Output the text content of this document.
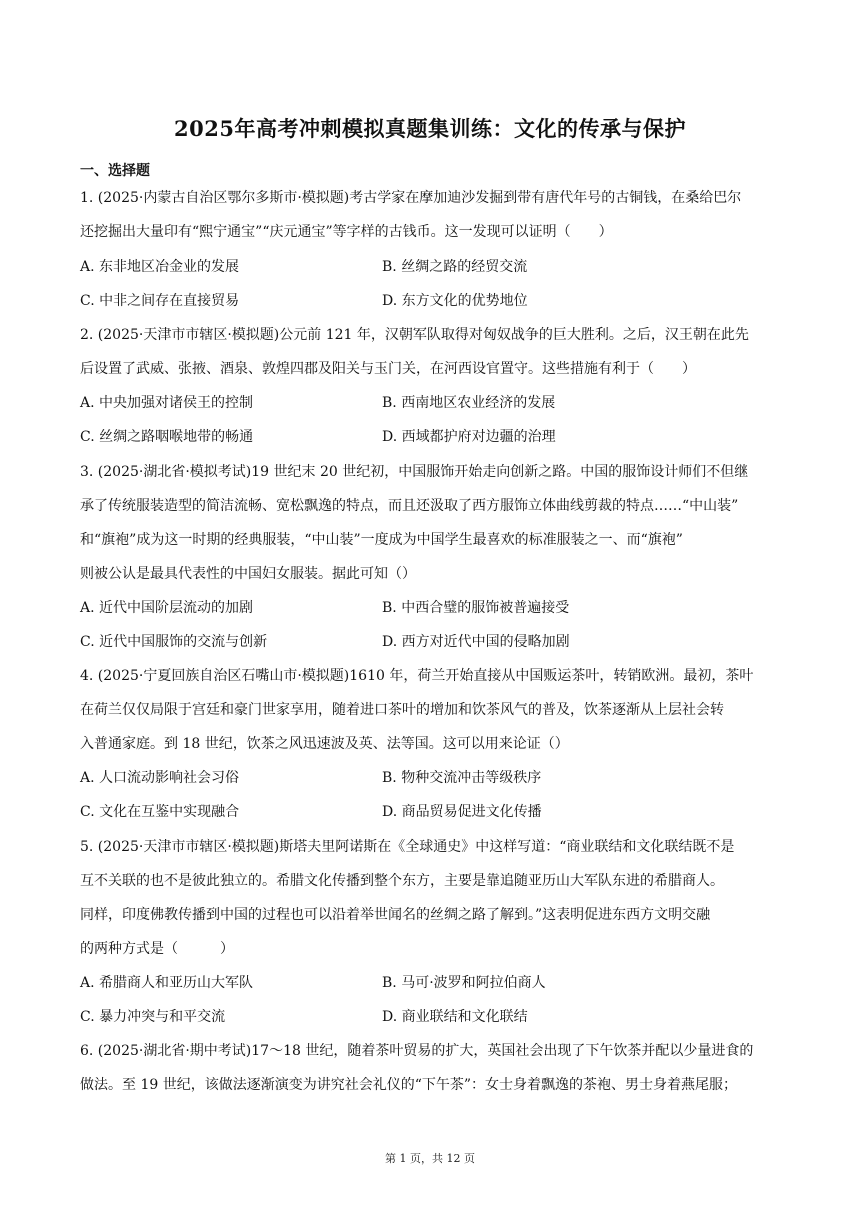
2025年高考冲刺模拟真题集训练：文化的传承与保护
一、选择题
1. (2025·内蒙古自治区鄂尔多斯市·模拟题)考古学家在摩加迪沙发掘到带有唐代年号的古铜钱，在桑给巴尔
还挖掘出大量印有“熙宁通宝”“庆元通宝”等字样的古钱币。这一发现可以证明（　　）
A. 东非地区冶金业的发展	B. 丝绸之路的经贸交流
C. 中非之间存在直接贸易	D. 东方文化的优势地位
2. (2025·天津市市辖区·模拟题)公元前 121 年，汉朝军队取得对匈奴战争的巨大胜利。之后，汉王朝在此先
后设置了武威、张掖、酒泉、敦煌四郡及阳关与玉门关，在河西设官置守。这些措施有利于（　　）
A. 中央加强对诸侯王的控制	B. 西南地区农业经济的发展
C. 丝绸之路咽喉地带的畅通	D. 西域都护府对边疆的治理
3. (2025·湖北省·模拟考试)19 世纪末 20 世纪初，中国服饰开始走向创新之路。中国的服饰设计师们不但继
承了传统服装造型的简洁流畅、宽松飘逸的特点，而且还汲取了西方服饰立体曲线剪裁的特点……“中山装”
和“旗袍”成为这一时期的经典服装，“中山装”一度成为中国学生最喜欢的标准服装之一、而“旗袍”
则被公认是最具代表性的中国妇女服装。据此可知（）
A. 近代中国阶层流动的加剧	B. 中西合璧的服饰被普遍接受
C. 近代中国服饰的交流与创新	D. 西方对近代中国的侵略加剧
4. (2025·宁夏回族自治区石嘴山市·模拟题)1610 年，荷兰开始直接从中国贩运茶叶，转销欧洲。最初，茶叶
在荷兰仅仅局限于宫廷和豪门世家享用，随着进口茶叶的增加和饮茶风气的普及，饮茶逐渐从上层社会转
入普通家庭。到 18 世纪，饮茶之风迅速波及英、法等国。这可以用来论证（）
A. 人口流动影响社会习俗	B. 物种交流冲击等级秩序
C. 文化在互鉴中实现融合	D. 商品贸易促进文化传播
5. (2025·天津市市辖区·模拟题)斯塔夫里阿诺斯在《全球通史》中这样写道：“商业联结和文化联结既不是
互不关联的也不是彼此独立的。希腊文化传播到整个东方，主要是靠追随亚历山大军队东进的希腊商人。
同样，印度佛教传播到中国的过程也可以沿着举世闻名的丝绸之路了解到。”这表明促进东西方文明交融
的两种方式是（　　　）
A. 希腊商人和亚历山大军队	B. 马可·波罗和阿拉伯商人
C. 暴力冲突与和平交流	D. 商业联结和文化联结
6. (2025·湖北省·期中考试)17～18 世纪，随着茶叶贸易的扩大，英国社会出现了下午饮茶并配以少量进食的
做法。至 19 世纪，该做法逐渐演变为讲究社会礼仪的“下午茶”：女士身着飘逸的茶袍、男士身着燕尾服；
第 1 页，共 12 页
